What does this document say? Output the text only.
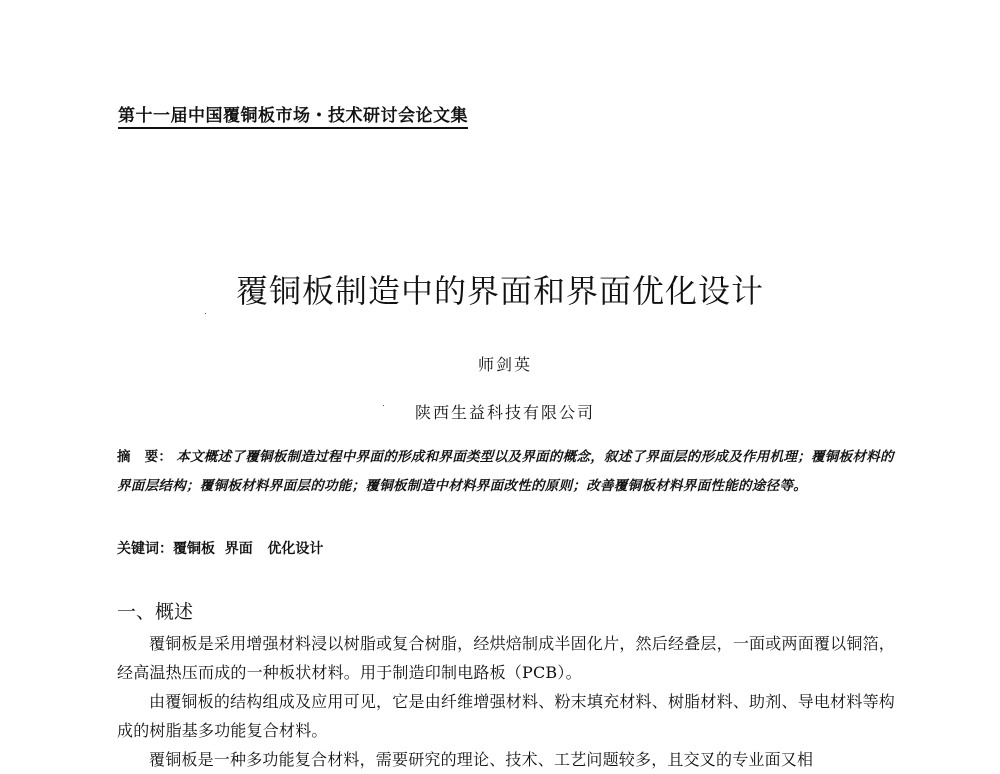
第十一届中国覆铜板市场・技术研讨会论文集
覆铜板制造中的界面和界面优化设计
师剑英
陕西生益科技有限公司
摘　要： 本文概述了覆铜板制造过程中界面的形成和界面类型以及界面的概念，叙述了界面层的形成及作用机理；覆铜板材料的界面层结构；覆铜板材料界面层的功能；覆铜板制造中材料界面改性的原则；改善覆铜板材料界面性能的途径等。
关键词：覆铜板  界面   优化设计
一、概述

覆铜板是采用增强材料浸以树脂或复合树脂，经烘焙制成半固化片，然后经叠层，一面或两面覆以铜箔，经高温热压而成的一种板状材料。用于制造印制电路板（PCB）。

由覆铜板的结构组成及应用可见，它是由纤维增强材料、粉末填充材料、树脂材料、助剂、导电材料等构成的树脂基多功能复合材料。

覆铜板是一种多功能复合材料，需要研究的理论、技术、工艺问题较多，且交叉的专业面又相
